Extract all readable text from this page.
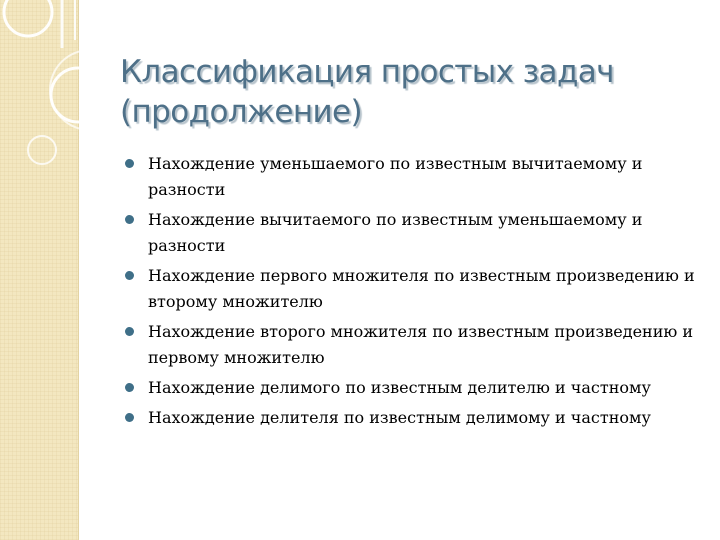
Классификация простых задач
(продолжение)
Нахождение уменьшаемого по известным вычитаемому и разности
Нахождение вычитаемого по известным уменьшаемому и разности
Нахождение первого множителя по известным произведению и второму множителю
Нахождение второго множителя по известным произведению и первому множителю
Нахождение делимого по известным делителю и частному
Нахождение делителя по известным делимому и частному
